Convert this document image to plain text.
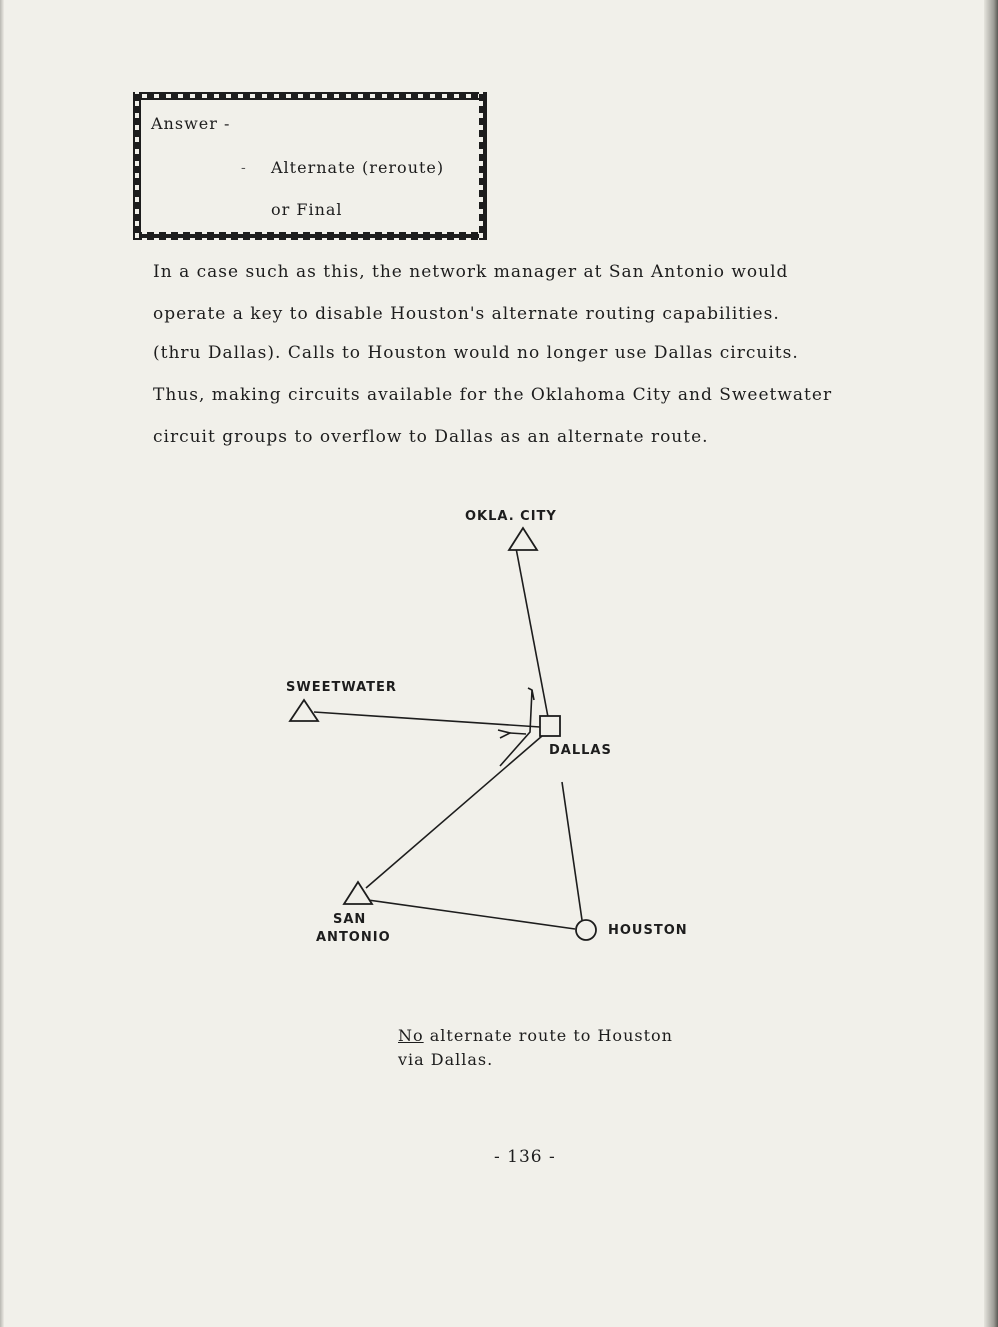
Answer -
- Alternate (reroute)
or Final
In a case such as this, the network manager at San Antonio would
operate a key to disable Houston's alternate routing capabilities.
(thru Dallas). Calls to Houston would no longer use Dallas circuits.
Thus, making circuits available for the Oklahoma City and Sweetwater
circuit groups to overflow to Dallas as an alternate route.
OKLA. CITY
SWEETWATER
DALLAS
SAN
ANTONIO	HOUSTON
No alternate route to Houston
via Dallas.
- 136 -
